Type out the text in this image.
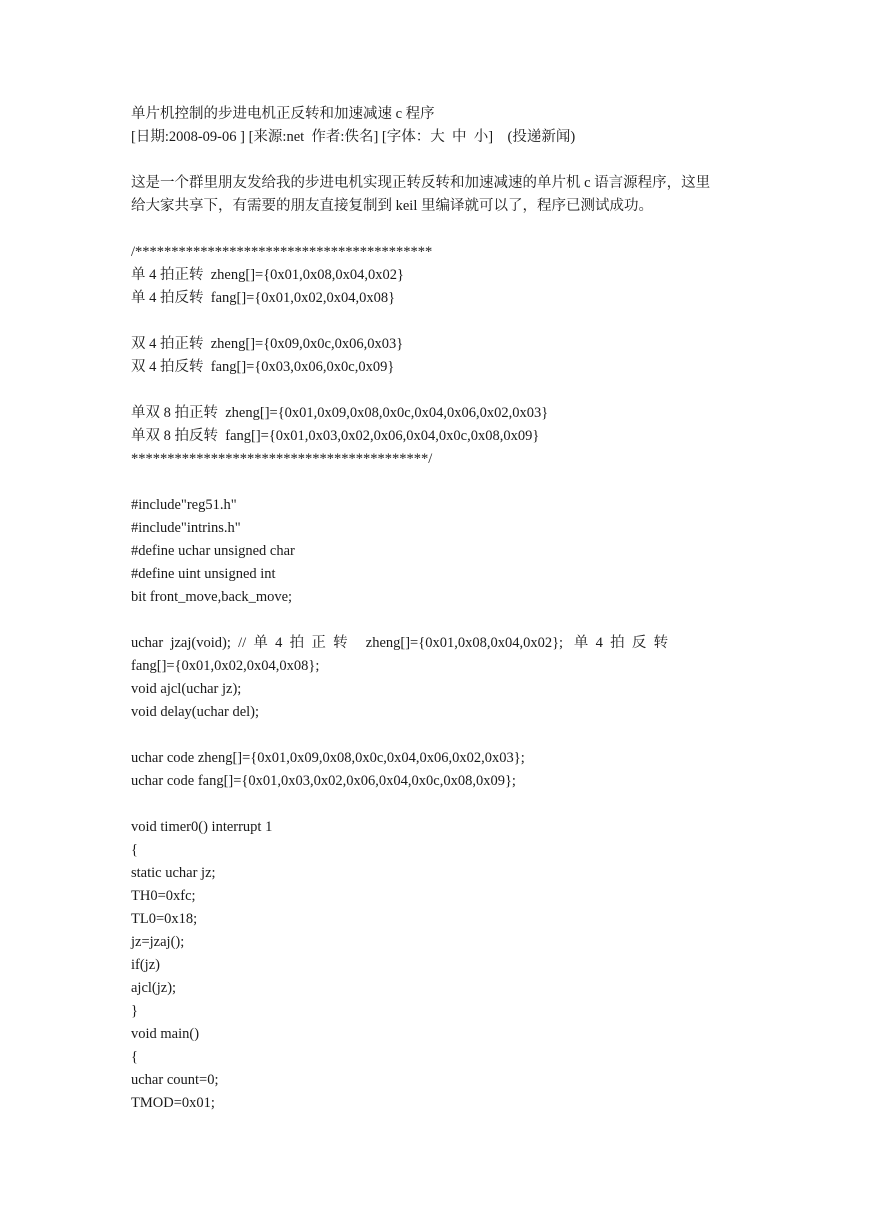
单片机控制的步进电机正反转和加速减速 c 程序
[日期:2008-09-06 ] [来源:net  作者:佚名] [字体：大  中  小]    (投递新闻)
这是一个群里朋友发给我的步进电机实现正转反转和加速减速的单片机 c 语言源程序，这里
给大家共享下，有需要的朋友直接复制到 keil 里编译就可以了，程序已测试成功。
/*****************************************
单 4 拍正转  zheng[]={0x01,0x08,0x04,0x02}
单 4 拍反转  fang[]={0x01,0x02,0x04,0x08}
双 4 拍正转  zheng[]={0x09,0x0c,0x06,0x03}
双 4 拍反转  fang[]={0x03,0x06,0x0c,0x09}
单双 8 拍正转  zheng[]={0x01,0x09,0x08,0x0c,0x04,0x06,0x02,0x03}
单双 8 拍反转  fang[]={0x01,0x03,0x02,0x06,0x04,0x0c,0x08,0x09}
*****************************************/
#include"reg51.h"
#include"intrins.h"
#define uchar unsigned char
#define uint unsigned int
bit front_move,back_move;
uchar  jzaj(void);  //  单  4  拍  正  转     zheng[]={0x01,0x08,0x04,0x02};   单  4  拍  反  转
fang[]={0x01,0x02,0x04,0x08};
void ajcl(uchar jz);
void delay(uchar del);
uchar code zheng[]={0x01,0x09,0x08,0x0c,0x04,0x06,0x02,0x03};
uchar code fang[]={0x01,0x03,0x02,0x06,0x04,0x0c,0x08,0x09};
void timer0() interrupt 1
{
static uchar jz;
TH0=0xfc;
TL0=0x18;
jz=jzaj();
if(jz)
ajcl(jz);
}
void main()
{
uchar count=0;
TMOD=0x01;
